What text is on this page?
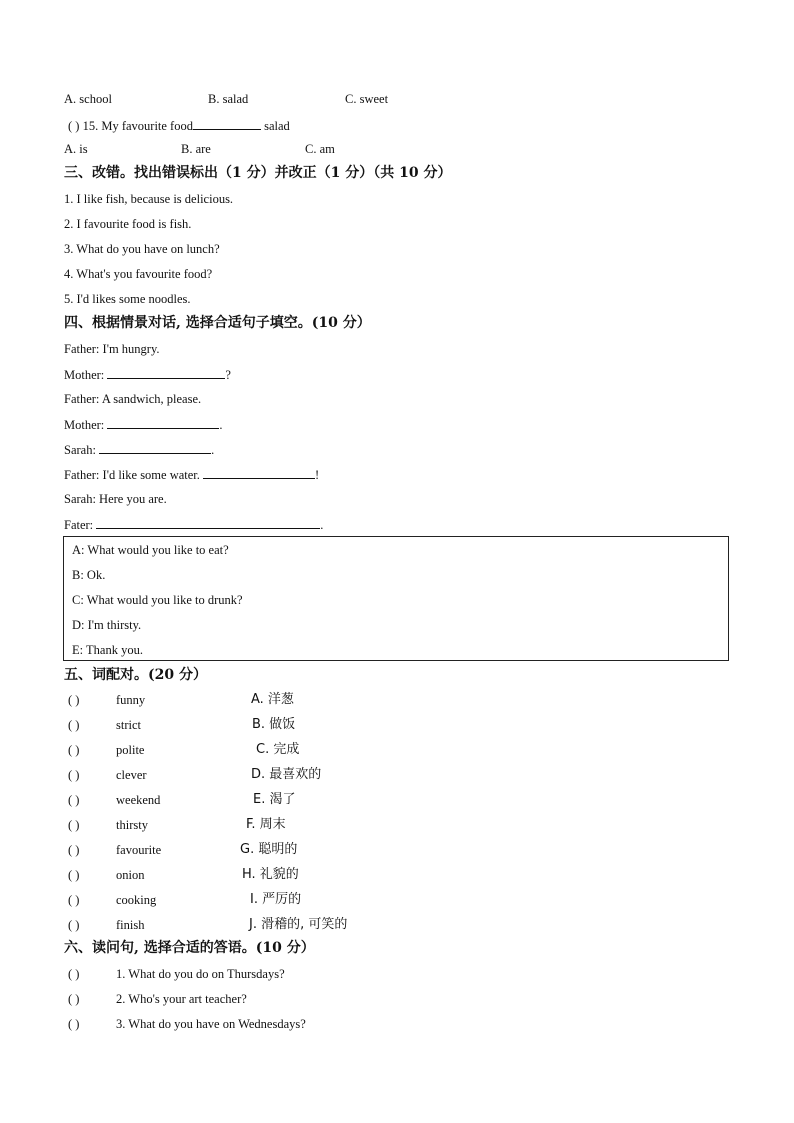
A. school	B. salad	C. sweet
( ) 15. My favourite food	salad
A. is	B. are	C. am
三、改错。找出错误标出（1 分）并改正（1 分）（共 10 分）
1. I like fish, because is delicious.
2. I favourite food is fish.
3. What do you have on lunch?
4. What's you favourite food?
5. I'd likes some noodles.
四、根据情景对话, 选择合适句子填空。(10 分）
Father: I'm hungry.
Mother:	?
Father: A sandwich, please.
Mother:	.
Sarah:	.
Father: I'd like some water.	!
Sarah: Here you are.
Fater:	.
A: What would you like to eat?
B: Ok.
C: What would you like to drunk?
D: I'm thirsty.
E: Thank you.
五、词配对。(20 分）
( )	funny	A. 洋葱
( )	strict	B. 做饭
( )	polite	C. 完成
( )	clever	D. 最喜欢的
( )	weekend	E. 渴了
( )	thirsty	F. 周末
( )	favourite	G. 聪明的
( )	onion	H. 礼貌的
( )	cooking	I. 严厉的
( )	finish	J. 滑稽的, 可笑的
六、读问句, 选择合适的答语。(10 分）
( )	1. What do you do on Thursdays?
( )	2. Who's your art teacher?
( )	3. What do you have on Wednesdays?
